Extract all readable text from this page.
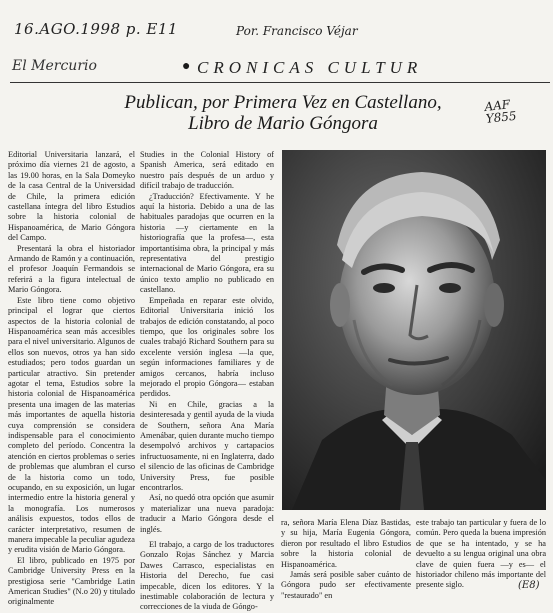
16.AGO.1998 p. E11	Por. Francisco Véjar
AAF Y855
(E8)
El Mercurio	● CRONICAS CULTUR
Publican, por Primera Vez en Castellano,
Libro de Mario Góngora

Editorial Universitaria lanzará, el próximo día viernes 21 de agosto, a las 19.00 horas, en la Sala Domeyko de la casa Central de la Universidad de Chile, la primera edición castellana íntegra del libro Estudios sobre la historia colonial de Hispanoamérica, de Mario Góngora del Campo.

Presentará la obra el historiador Armando de Ramón y a continuación, el profesor Joaquín Fermandois se referirá a la figura intelectual de Mario Góngora.

Este libro tiene como objetivo principal el lograr que ciertos aspectos de la historia colonial de Hispanoamérica sean más accesibles para el nivel universitario. Algunos de ellos son nuevos, otros ya han sido estudiados; pero todos guardan un particular atractivo. Sin pretender agotar el tema, Estudios sobre la historia colonial de Hispanoamérica presenta una imagen de las materias más importantes de aquella historia cuya comprensión se considera indispensable para el conocimiento completo del período. Concentra la atención en ciertos problemas o series de problemas que alumbran el curso de la historia como un todo, ocupando, en su exposición, un lugar intermedio entre la historia general y la monografía. Los numerosos análisis expuestos, todos ellos de carácter interpretativo, resumen de manera impecable la peculiar agudeza y erudita visión de Mario Góngora.

El libro, publicado en 1975 por Cambridge University Press en la prestigiosa serie "Cambridge Latin American Studies" (N.o 20) y titulado originalmente

Studies in the Colonial History of Spanish America, será editado en nuestro país después de un arduo y difícil trabajo de traducción.

¿Traducción? Efectivamente. Y he aquí la historia. Debido a una de las habituales paradojas que ocurren en la historia —y ciertamente en la historiografía que la profesa—, esta importantísima obra, la principal y más representativa del prestigio internacional de Mario Góngora, era su único texto amplio no publicado en castellano.

Empeñada en reparar este olvido, Editorial Universitaria inició los trabajos de edición constatando, al poco tiempo, que los originales sobre los cuales trabajó Richard Southern para su excelente versión inglesa —la que, según informaciones familiares y de amigos cercanos, habría incluso mejorado el propio Góngora— estaban perdidos.

Ni en Chile, gracias a la desinteresada y gentil ayuda de la viuda de Southern, señora Ana María Amenábar, quien durante mucho tiempo desempolvó archivos y cartapacios infructuosamente, ni en Inglaterra, dado el silencio de las oficinas de Cambridge University Press, fue posible encontrarlos.

Así, no quedó otra opción que asumir y materializar una nueva paradoja: traducir a Mario Góngora desde el inglés.

El trabajo, a cargo de los traductores Gonzalo Rojas Sánchez y Marcia Dawes Carrasco, especialistas en Historia del Derecho, fue casi impecable, dicen los editores. Y la inestimable colaboración de lectura y correcciones de la viuda de Góngo-

ra, señora María Elena Díaz Bastidas, y su hija, María Eugenia Góngora, dieron por resultado el libro Estudios sobre la historia colonial de Hispanoamérica.

Jamás será posible saber cuánto de Góngora pudo ser efectivamente "restaurado" en

este trabajo tan particular y fuera de lo común. Pero queda la buena impresión de que se ha intentado, y se ha devuelto a su lengua original una obra clave de quien fuera —y es— el historiador chileno más importante del presente siglo.
